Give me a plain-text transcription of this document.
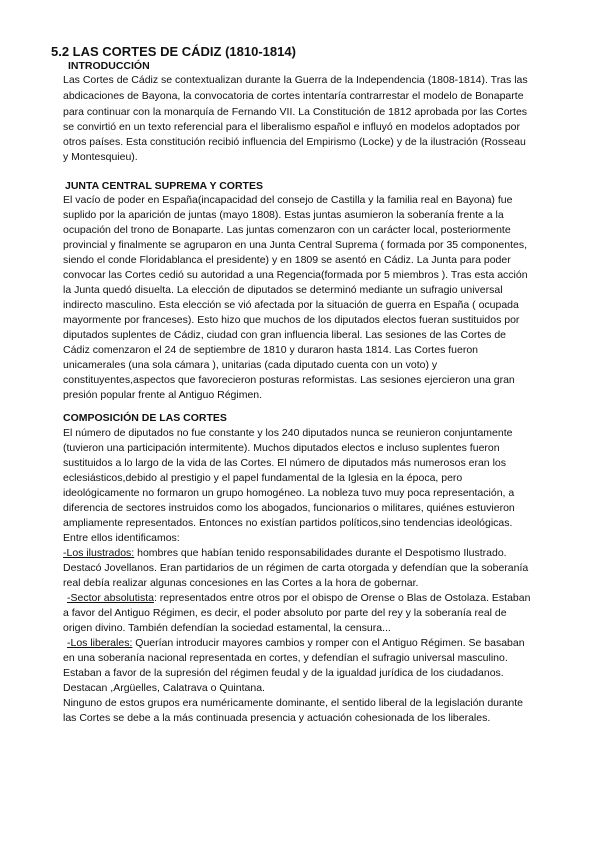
5.2 LAS CORTES DE CÁDIZ (1810-1814)
INTRODUCCIÓN
Las Cortes de Cádiz se contextualizan durante la Guerra de la Independencia (1808-1814). Tras las
abdicaciones de Bayona, la convocatoria de cortes intentaría contrarrestar el modelo de Bonaparte
para continuar con la monarquía de Fernando VII. La Constitución de 1812 aprobada por las Cortes
se convirtió en un texto referencial para el liberalismo español e influyó en modelos adoptados por
otros países. Esta constitución recibió influencia del Empirismo (Locke) y de la ilustración (Rosseau
y Montesquieu).
JUNTA CENTRAL SUPREMA Y CORTES
El vacío de poder en España(incapacidad del consejo de Castilla y la familia real en Bayona) fue
suplido por la aparición de juntas (mayo 1808). Estas juntas asumieron la soberanía frente a la
ocupación del trono de Bonaparte. Las juntas comenzaron con un carácter local, posteriormente
provincial y finalmente se agruparon en una Junta Central Suprema ( formada por 35 componentes,
siendo el conde Floridablanca el presidente) y en 1809 se asentó en Cádiz. La Junta para poder
convocar las Cortes cedió su autoridad a una Regencia(formada por 5 miembros ). Tras esta acción
la Junta quedó disuelta. La elección de diputados se determinó mediante un sufragio universal
indirecto masculino. Esta elección se vió afectada por la situación de guerra en España ( ocupada
mayormente por franceses). Esto hizo que muchos de los diputados electos fueran sustituidos por
diputados suplentes de Cádiz, ciudad con gran influencia liberal. Las sesiones de las Cortes de
Cádiz comenzaron el 24 de septiembre de 1810 y duraron hasta 1814. Las Cortes fueron
unicamerales (una sola cámara ), unitarias (cada diputado cuenta con un voto) y
constituyentes,aspectos que favorecieron posturas reformistas. Las sesiones ejercieron una gran
presión popular frente al Antiguo Régimen.
COMPOSICIÓN DE LAS CORTES
El número de diputados no fue constante y los 240 diputados nunca se reunieron conjuntamente
(tuvieron una participación intermitente). Muchos diputados electos e incluso suplentes fueron
sustituidos a lo largo de la vida de las Cortes. El número de diputados más numerosos eran los
eclesiásticos,debido al prestigio y el papel fundamental de la Iglesia en la época, pero
ideológicamente no formaron un grupo homogéneo. La nobleza tuvo muy poca representación, a
diferencia de sectores instruidos como los abogados, funcionarios o militares, quiénes estuvieron
ampliamente representados. Entonces no existían partidos políticos,sino tendencias ideológicas.
Entre ellos identificamos:
-Los ilustrados: hombres que habían tenido responsabilidades durante el Despotismo Ilustrado.
Destacó Jovellanos. Eran partidarios de un régimen de carta otorgada y defendían que la soberanía
real debía realizar algunas concesiones en las Cortes a la hora de gobernar.
-Sector absolutista: representados entre otros por el obispo de Orense o Blas de Ostolaza. Estaban
a favor del Antiguo Régimen, es decir, el poder absoluto por parte del rey y la soberanía real de
origen divino. También defendían la sociedad estamental, la censura...
-Los liberales: Querían introducir mayores cambios y romper con el Antiguo Régimen. Se basaban
en una soberanía nacional representada en cortes, y defendían el sufragio universal masculino.
Estaban a favor de la supresión del régimen feudal y de la igualdad jurídica de los ciudadanos.
Destacan ,Argüelles, Calatrava o Quintana.
Ninguno de estos grupos era numéricamente dominante, el sentido liberal de la legislación durante
las Cortes se debe a la más continuada presencia y actuación cohesionada de los liberales.
